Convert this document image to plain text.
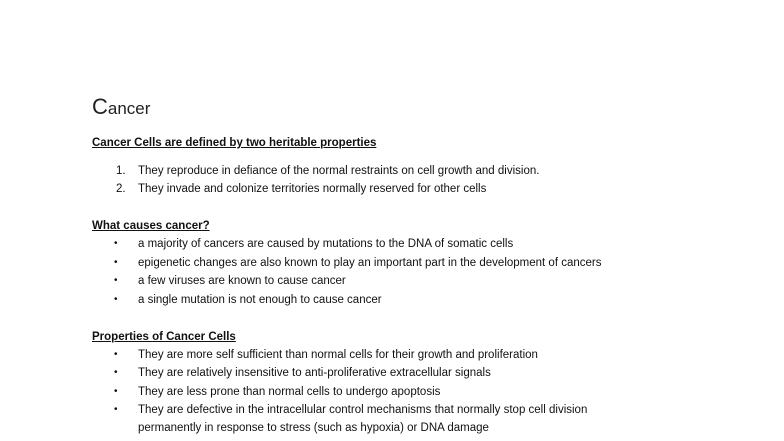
Cancer
Cancer Cells are defined by two heritable properties
1. They reproduce in defiance of the normal restraints on cell growth and division.
2. They invade and colonize territories normally reserved for other cells
What causes cancer?
• a majority of cancers are caused by mutations to the DNA of somatic cells
• epigenetic changes are also known to play an important part in the development of cancers
• a few viruses are known to cause cancer
• a single mutation is not enough to cause cancer
Properties of Cancer Cells
• They are more self sufficient than normal cells for their growth and proliferation
• They are relatively insensitive to anti-proliferative extracellular signals
• They are less prone than normal cells to undergo apoptosis
• They are defective in the intracellular control mechanisms that normally stop cell division
permanently in response to stress (such as hypoxia) or DNA damage
